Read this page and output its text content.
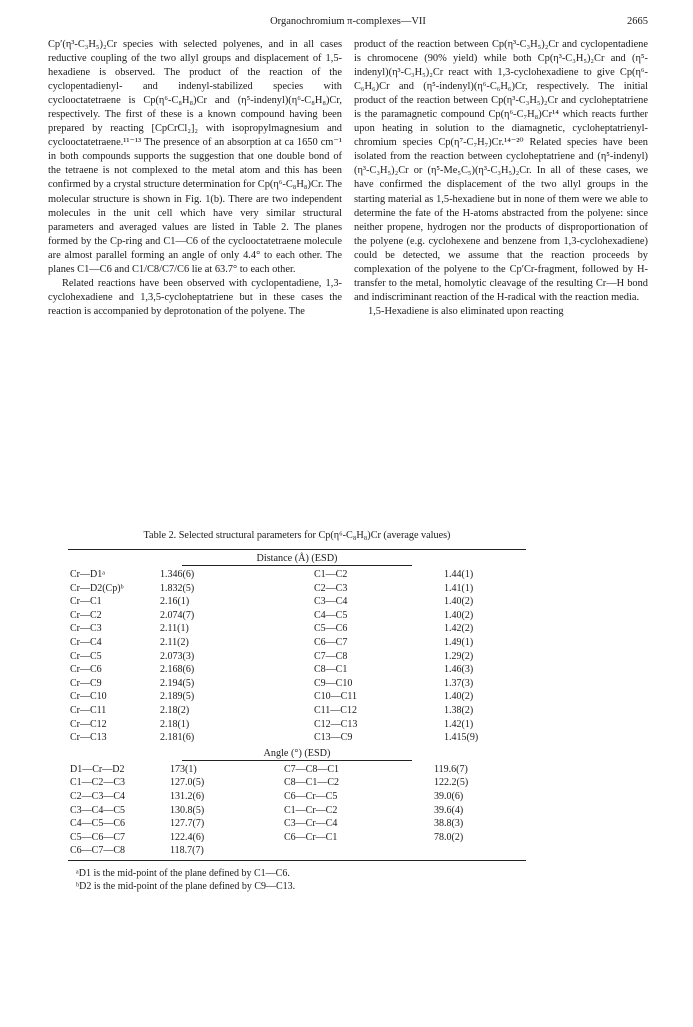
Organochromium π-complexes—VII	2665

Cp′(η³-C₃H₅)₂Cr species with selected polyenes, and in all cases reductive coupling of the two allyl groups and displacement of 1,5-hexadiene is observed. The product of the reaction of the cyclopentadienyl- and indenyl-stabilized species with cyclooctatetraene is Cp(η⁶-C₈H₈)Cr and (η⁵-indenyl)(η⁶-C₈H₈)Cr, respectively. The first of these is a known compound having been prepared by reacting [CpCrCl₂]₂ with isopropylmagnesium and cyclooctatetraene.¹¹⁻¹³ The presence of an absorption at ca 1650 cm⁻¹ in both compounds supports the suggestion that one double bond of the tetraene is not complexed to the metal atom and this has been confirmed by a crystal structure determination for Cp(η⁶-C₈H₈)Cr. The molecular structure is shown in Fig. 1(b). There are two independent molecules in the unit cell which have very similar structural parameters and averaged values are listed in Table 2. The planes formed by the Cp-ring and C1—C6 of the cyclooctatetraene molecule are almost parallel forming an angle of only 4.4° to each other. The planes C1—C6 and C1/C8/C7/C6 lie at 63.7° to each other.

Related reactions have been observed with cyclopentadiene, 1,3-cyclohexadiene and 1,3,5-cycloheptatriene but in these cases the reaction is accompanied by deprotonation of the polyene. The

product of the reaction between Cp(η³-C₃H₅)₂Cr and cyclopentadiene is chromocene (90% yield) while both Cp(η³-C₃H₅)₂Cr and (η⁵-indenyl)(η³-C₃H₅)₂Cr react with 1,3-cyclohexadiene to give Cp(η⁶-C₆H₆)Cr and (η⁵-indenyl)(η⁶-C₆H₆)Cr, respectively. The initial product of the reaction between Cp(η³-C₃H₅)₂Cr and cycloheptatriene is the paramagnetic compound Cp(η⁶-C₇H₈)Cr¹⁴ which reacts further upon heating in solution to the diamagnetic, cycloheptatrienyl-chromium species Cp(η⁷-C₇H₇)Cr.¹⁴⁻²⁰ Related species have been isolated from the reaction between cycloheptatriene and (η⁵-indenyl)(η³-C₃H₅)₂Cr or (η⁵-Me₅C₅)(η³-C₃H₅)₂Cr. In all of these cases, we have confirmed the displacement of the two allyl groups in the starting material as 1,5-hexadiene but in none of them were we able to determine the fate of the H-atoms abstracted from the polyene: since neither propene, hydrogen nor the products of disproportionation of the polyene (e.g. cyclohexene and benzene from 1,3-cyclohexadiene) could be detected, we assume that the reaction proceeds by complexation of the polyene to the Cp′Cr-fragment, followed by H-transfer to the metal, homolytic cleavage of the resulting Cr—H bond and indiscriminant reaction of the H-radical with the reaction media.

1,5-Hexadiene is also eliminated upon reacting

Table 2. Selected structural parameters for Cp(η⁶-C₈H₈)Cr (average values)
Distance (Å) (ESD)
Cr—D1ᵃ	1.346(6)	C1—C2	1.44(1)
Cr—D2(Cp)ᵇ	1.832(5)	C2—C3	1.41(1)
Cr—C1	2.16(1)	C3—C4	1.40(2)
Cr—C2	2.074(7)	C4—C5	1.40(2)
Cr—C3	2.11(1)	C5—C6	1.42(2)
Cr—C4	2.11(2)	C6—C7	1.49(1)
Cr—C5	2.073(3)	C7—C8	1.29(2)
Cr—C6	2.168(6)	C8—C1	1.46(3)
Cr—C9	2.194(5)	C9—C10	1.37(3)
Cr—C10	2.189(5)	C10—C11	1.40(2)
Cr—C11	2.18(2)	C11—C12	1.38(2)
Cr—C12	2.18(1)	C12—C13	1.42(1)
Cr—C13	2.181(6)	C13—C9	1.415(9)
Angle (°) (ESD)
D1—Cr—D2	173(1)	C7—C8—C1	119.6(7)
C1—C2—C3	127.0(5)	C8—C1—C2	122.2(5)
C2—C3—C4	131.2(6)	C6—Cr—C5	39.0(6)
C3—C4—C5	130.8(5)	C1—Cr—C2	39.6(4)
C4—C5—C6	127.7(7)	C3—Cr—C4	38.8(3)
C5—C6—C7	122.4(6)	C6—Cr—C1	78.0(2)
C6—C7—C8	118.7(7)		
ᵃD1 is the mid-point of the plane defined by C1—C6.
ᵇD2 is the mid-point of the plane defined by C9—C13.
